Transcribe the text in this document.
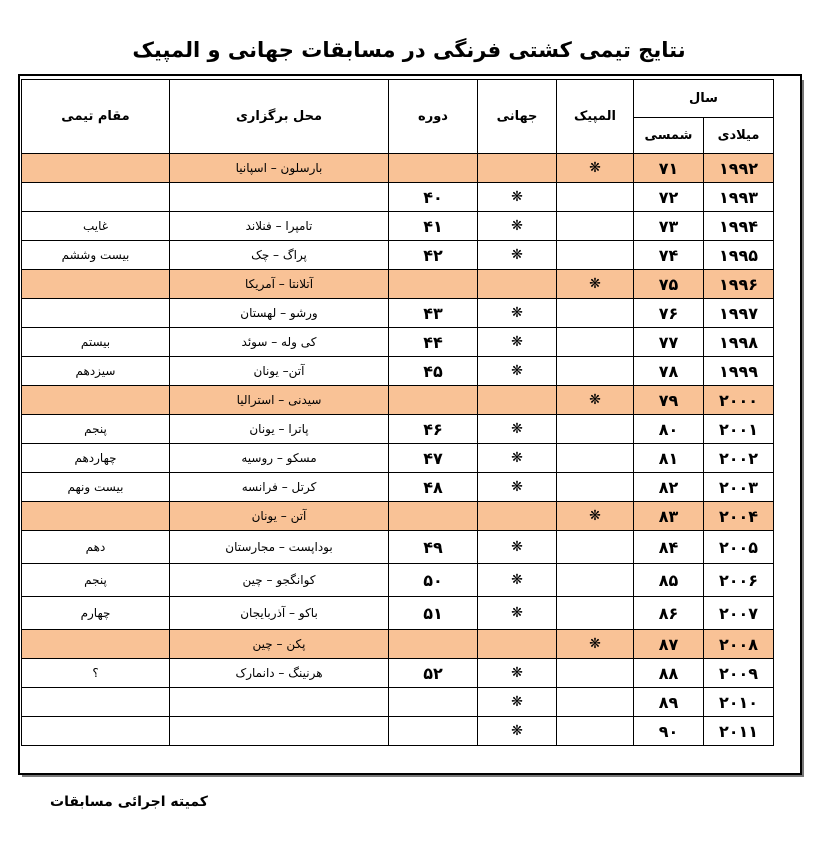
نتایج تیمی کشتی فرنگی در مسابقات جهانی و المپیک
مقام تیمی	محل برگزاری	دوره	جهانی	المپیک	سال	
					شمسی	میلادی
	بارسلون – اسپانیا			❋	۷۱	۱۹۹۲
		۴۰	❋		۷۲	۱۹۹۳
غایب	تامپرا – فنلاند	۴۱	❋		۷۳	۱۹۹۴
بیست وششم	پراگ – چک	۴۲	❋		۷۴	۱۹۹۵
	آتلانتا – آمریکا			❋	۷۵	۱۹۹۶
	ورشو – لهستان	۴۳	❋		۷۶	۱۹۹۷
بیستم	کی وله – سوئد	۴۴	❋		۷۷	۱۹۹۸
سیزدهم	آتن– یونان	۴۵	❋		۷۸	۱۹۹۹
	سیدنی – استرالیا			❋	۷۹	۲۰۰۰
پنجم	پاترا – یونان	۴۶	❋		۸۰	۲۰۰۱
چهاردهم	مسکو – روسیه	۴۷	❋		۸۱	۲۰۰۲
بیست ونهم	کرتل – فرانسه	۴۸	❋		۸۲	۲۰۰۳
	آتن – یونان			❋	۸۳	۲۰۰۴
دهم	بوداپست – مجارستان	۴۹	❋		۸۴	۲۰۰۵
پنجم	کوانگجو – چین	۵۰	❋		۸۵	۲۰۰۶
چهارم	باکو – آذربایجان	۵۱	❋		۸۶	۲۰۰۷
	پکن – چین			❋	۸۷	۲۰۰۸
؟	هرنینگ – دانمارک	۵۲	❋		۸۸	۲۰۰۹
			❋		۸۹	۲۰۱۰
			❋		۹۰	۲۰۱۱
کمیته اجرائی مسابقات
